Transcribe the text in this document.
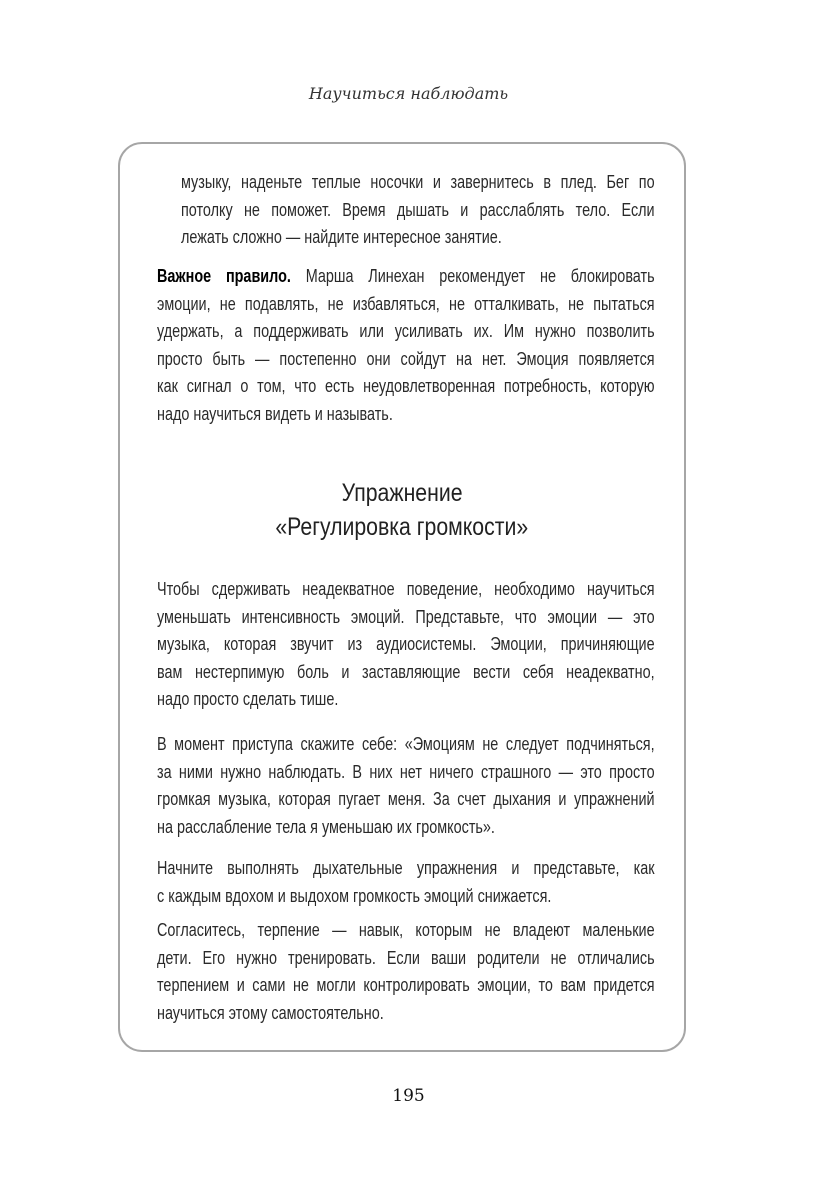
Научиться наблюдать
музыку, наденьте теплые носочки и завернитесь в плед. Бег по
потолку не поможет. Время дышать и расслаблять тело. Если
лежать сложно — найдите интересное занятие.
Важное правило. Марша Линехан рекомендует не блокировать
эмоции, не подавлять, не избавляться, не отталкивать, не пытаться
удержать, а поддерживать или усиливать их. Им нужно позволить
просто быть — постепенно они сойдут на нет. Эмоция появляется
как сигнал о том, что есть неудовлетворенная потребность, которую
надо научиться видеть и называть.
Упражнение
«Регулировка громкости»
Чтобы сдерживать неадекватное поведение, необходимо научиться
уменьшать интенсивность эмоций. Представьте, что эмоции — это
музыка, которая звучит из аудиосистемы. Эмоции, причиняющие
вам нестерпимую боль и заставляющие вести себя неадекватно,
надо просто сделать тише.
В момент приступа скажите себе: «Эмоциям не следует подчиняться,
за ними нужно наблюдать. В них нет ничего страшного — это просто
громкая музыка, которая пугает меня. За счет дыхания и упражнений
на расслабление тела я уменьшаю их громкость».
Начните выполнять дыхательные упражнения и представьте, как
с каждым вдохом и выдохом громкость эмоций снижается.
Согласитесь, терпение — навык, которым не владеют маленькие
дети. Его нужно тренировать. Если ваши родители не отличались
терпением и сами не могли контролировать эмоции, то вам придется
научиться этому самостоятельно.
195
